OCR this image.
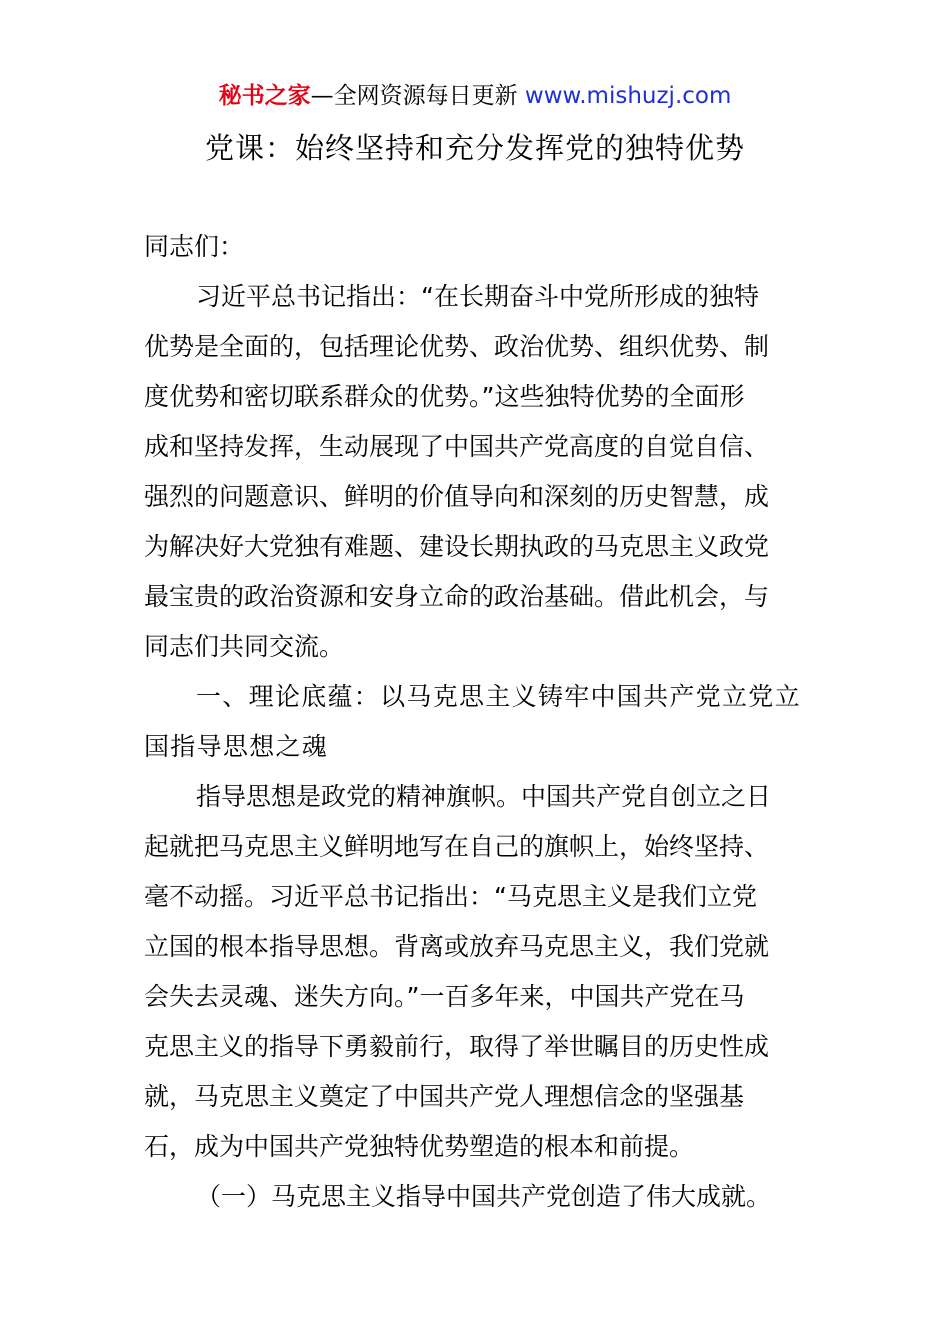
秘书之家—全网资源每日更新 www.mishuzj.com
党课：始终坚持和充分发挥党的独特优势
同志们：
习近平总书记指出：“在长期奋斗中党所形成的独特
优势是全面的，包括理论优势、政治优势、组织优势、制
度优势和密切联系群众的优势。”这些独特优势的全面形
成和坚持发挥，生动展现了中国共产党高度的自觉自信、
强烈的问题意识、鲜明的价值导向和深刻的历史智慧，成
为解决好大党独有难题、建设长期执政的马克思主义政党
最宝贵的政治资源和安身立命的政治基础。借此机会，与
同志们共同交流。
一、理论底蕴：以马克思主义铸牢中国共产党立党立
国指导思想之魂
指导思想是政党的精神旗帜。中国共产党自创立之日
起就把马克思主义鲜明地写在自己的旗帜上，始终坚持、
毫不动摇。习近平总书记指出：“马克思主义是我们立党
立国的根本指导思想。背离或放弃马克思主义，我们党就
会失去灵魂、迷失方向。”一百多年来，中国共产党在马
克思主义的指导下勇毅前行，取得了举世瞩目的历史性成
就，马克思主义奠定了中国共产党人理想信念的坚强基
石，成为中国共产党独特优势塑造的根本和前提。
（一）马克思主义指导中国共产党创造了伟大成就。
